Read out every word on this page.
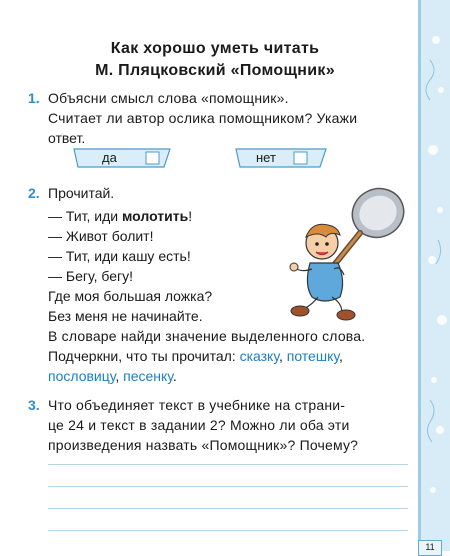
Как хорошо уметь читать
М. Пляцковский «Помощник»
1. Объясни смысл слова «помощник».
Считает ли автор ослика помощником? Укажи
ответ.
да	нет
2. Прочитай.
— Тит, иди молотить!
— Живот болит!
— Тит, иди кашу есть!
— Бегу, бегу!
Где моя большая ложка?
Без меня не начинайте.
В словаре найди значение выделенного слова.
Подчеркни, что ты прочитал: сказку, потешку,
пословицу, песенку.
3. Что объединяет текст в учебнике на страни-
це 24 и текст в задании 2? Можно ли оба эти
произведения назвать «Помощник»? Почему?
11
